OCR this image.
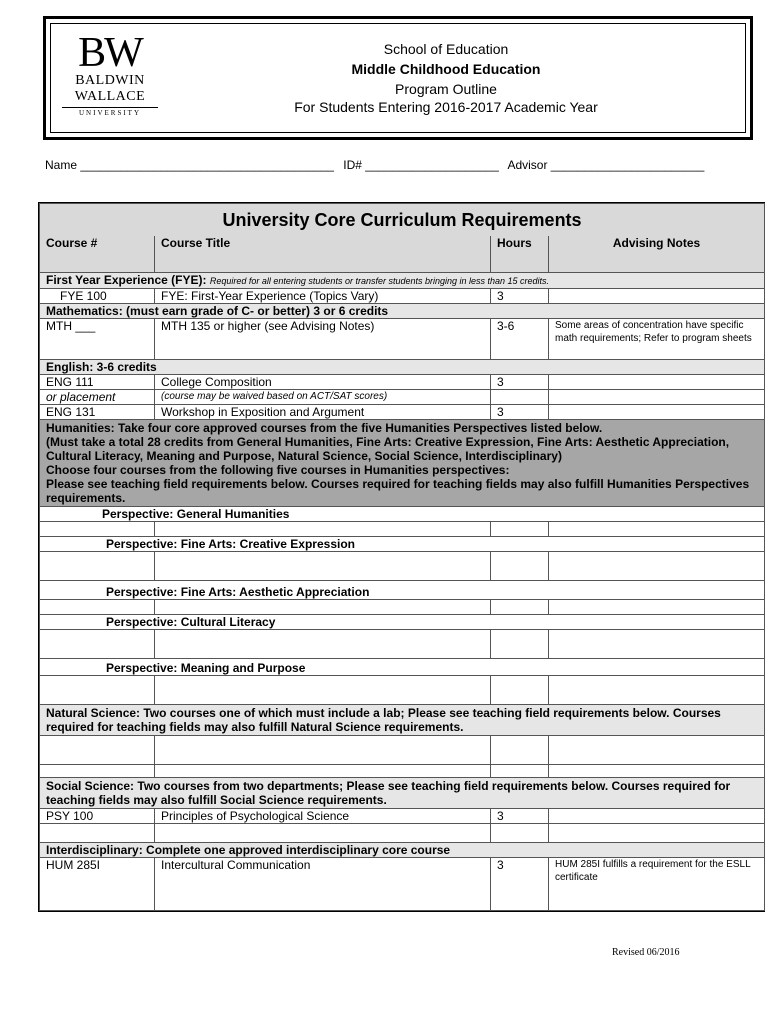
BW
BALDWIN
WALLACE
UNIVERSITY
School of Education
Middle Childhood Education
Program Outline
For Students Entering 2016-2017 Academic Year
Name ______________________________________ ID# ____________________ Advisor _______________________
University Core Curriculum Requirements			
Course #	Course Title	Hours	Advising Notes
First Year Experience (FYE): Required for all entering students or transfer students bringing in less than 15 credits.			
FYE 100	FYE: First-Year Experience (Topics Vary)	3	
Mathematics: (must earn grade of C- or better) 3 or 6 credits			
MTH ___	MTH 135 or higher (see Advising Notes)	3-6	Some areas of concentration have specific math requirements; Refer to program sheets
English: 3-6 credits			
ENG 111	College Composition	3	
or placement	(course may be waived based on ACT/SAT scores)		
ENG 131	Workshop in Exposition and Argument	3	

Humanities: Take four core approved courses from the five Humanities Perspectives listed below.
(Must take a total 28 credits from General Humanities, Fine Arts: Creative Expression, Fine Arts: Aesthetic Appreciation, Cultural Literacy, Meaning and Purpose, Natural Science, Social Science, Interdisciplinary)
Choose four courses from the following five courses in Humanities perspectives:
Please see teaching field requirements below. Courses required for teaching fields may also fulfill Humanities Perspectives requirements.			

Perspective: General Humanities			

Perspective: Fine Arts: Creative Expression			

Perspective: Fine Arts: Aesthetic Appreciation			

Perspective: Cultural Literacy			

Perspective: Meaning and Purpose			

Natural Science: Two courses one of which must include a lab; Please see teaching field requirements below. Courses required for teaching fields may also fulfill Natural Science requirements.			

Social Science: Two courses from two departments; Please see teaching field requirements below. Courses required for teaching fields may also fulfill Social Science requirements.			
PSY 100	Principles of Psychological Science	3	

Interdisciplinary: Complete one approved interdisciplinary core course			
HUM 285I	Intercultural Communication	3	HUM 285I fulfills a requirement for the ESLL certificate
Revised 06/2016
